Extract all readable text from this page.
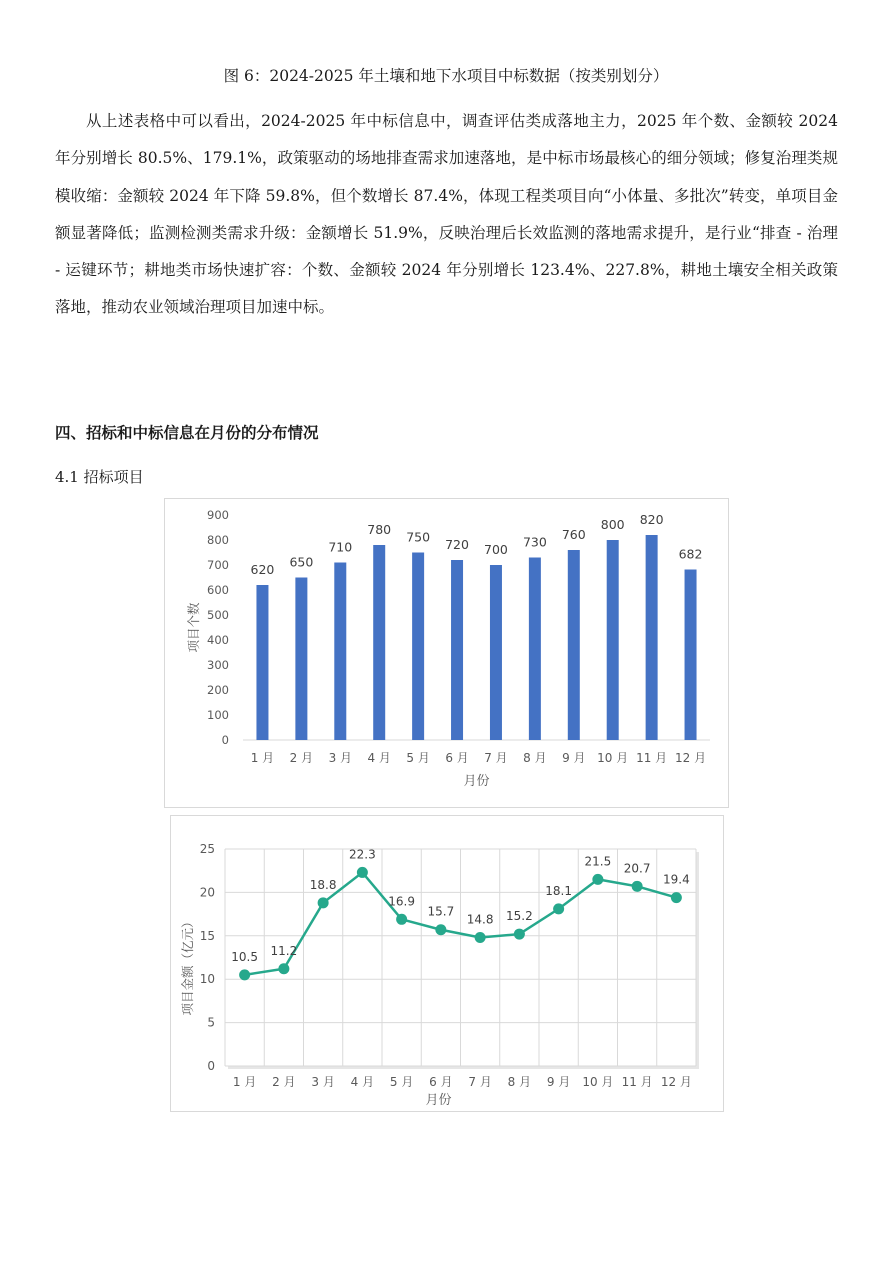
图 6：2024-2025 年土壤和地下水项目中标数据（按类别划分）

从上述表格中可以看出，2024-2025 年中标信息中，调查评估类成落地主力，2025 年个数、金额较 2024 年分别增长 80.5%、179.1%，政策驱动的场地排查需求加速落地，是中标市场最核心的细分领域；修复治理类规模收缩：金额较 2024 年下降 59.8%，但个数增长 87.4%，体现工程类项目向“小体量、多批次”转变，单项目金额显著降低；监测检测类需求升级：金额增长 51.9%，反映治理后长效监测的落地需求提升，是行业“排查 - 治理 - 运键环节；耕地类市场快速扩容：个数、金额较 2024 年分别增长 123.4%、227.8%，耕地土壤安全相关政策落地，推动农业领域治理项目加速中标。

四、招标和中标信息在月份的分布情况
4.1 招标项目
0
100
200
300
400
500
600
700
800
900
620
1 月
650
2 月
710
3 月
780
4 月
750
5 月
720
6 月
700
7 月
730
8 月
760
9 月
800
10 月
820
11 月
682
12 月
月份
项目个数
0
5
10
15
20
25
10.5
1 月
11.2
2 月
18.8
3 月
22.3
4 月
16.9
5 月
15.7
6 月
14.8
7 月
15.2
8 月
18.1
9 月
21.5
10 月
20.7
11 月
19.4
12 月
月份
项目金额（亿元）
